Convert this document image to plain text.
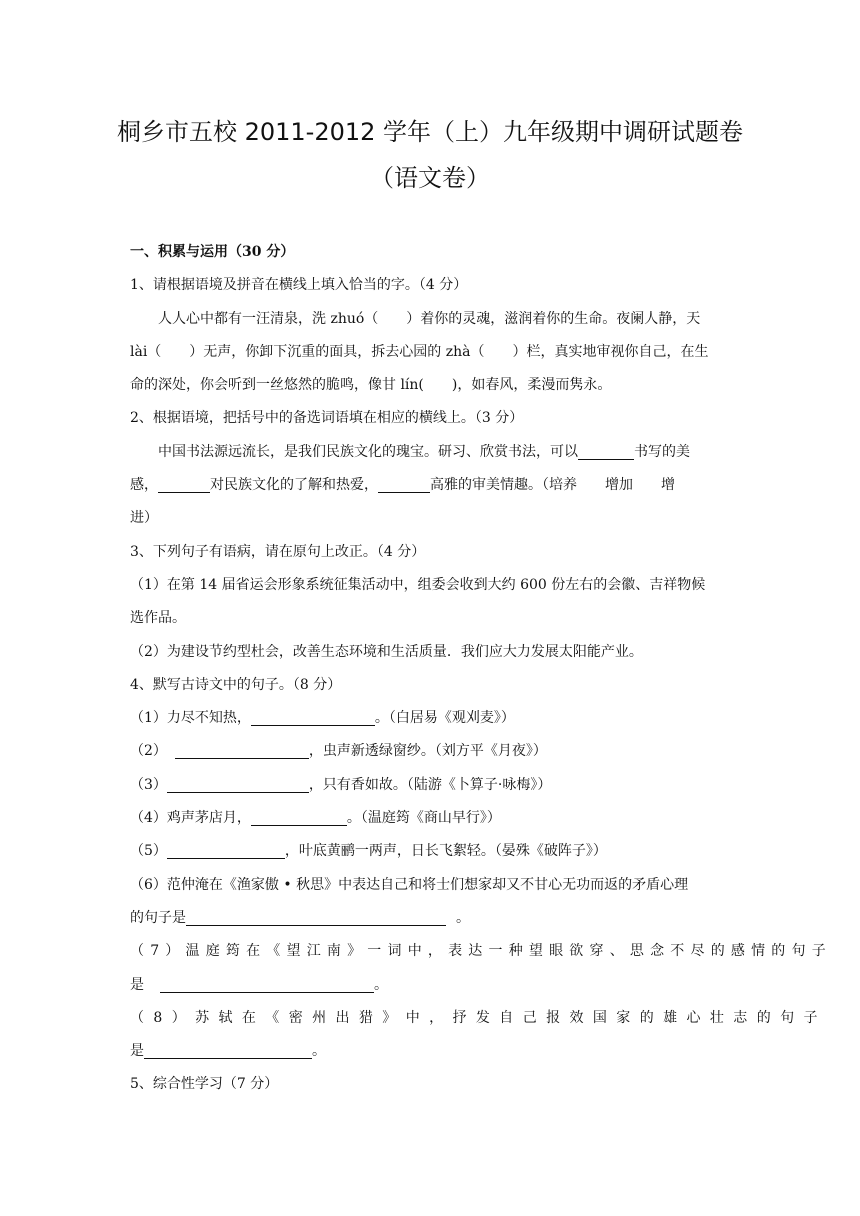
桐乡市五校 2011-2012 学年（上）九年级期中调研试题卷
（语文卷）
一、积累与运用（30 分）
1、请根据语境及拼音在横线上填入恰当的字。（4 分）
人人心中都有一汪清泉，洗 zhuó（　　）着你的灵魂，滋润着你的生命。夜阑人静，天
lài（　　）无声，你卸下沉重的面具，拆去心园的 zhà（　　）栏，真实地审视你自己，在生
命的深处，你会听到一丝悠然的脆鸣，像甘 lín(　　)，如春风，柔漫而隽永。
2、根据语境，把括号中的备选词语填在相应的横线上。（3 分）
中国书法源远流长，是我们民族文化的瑰宝。研习、欣赏书法，可以	书写的美
感，	对民族文化的了解和热爱，	高雅的审美情趣。（培养　　增加　　增
进）
3、下列句子有语病，请在原句上改正。（4 分）
（1）在第 14 届省运会形象系统征集活动中，组委会收到大约 600 份左右的会徽、吉祥物候
选作品。
（2）为建设节约型杜会，改善生态环境和生活质量．我们应大力发展太阳能产业。
4、默写古诗文中的句子。（8 分）
（1）力尽不知热，	。（白居易《观刈麦》）
（2）	，虫声新透绿窗纱。（刘方平《月夜》）
（3）	，只有香如故。（陆游《卜算子·咏梅》）
（4）鸡声茅店月，	。（温庭筠《商山早行》）
（5）	，叶底黄鹂一两声，日长飞絮轻。（晏殊《破阵子》）
（6）范仲淹在《渔家傲 • 秋思》中表达自己和将士们想家却又不甘心无功而返的矛盾心理
的句子是	。
（7）温庭筠在《望江南》一词中，表达一种望眼欲穿、思念不尽的感情的句子
是	。
（8）苏轼在《密州出猎》中，抒发自己报效国家的雄心壮志的句子
是	。
5、综合性学习（7 分）
